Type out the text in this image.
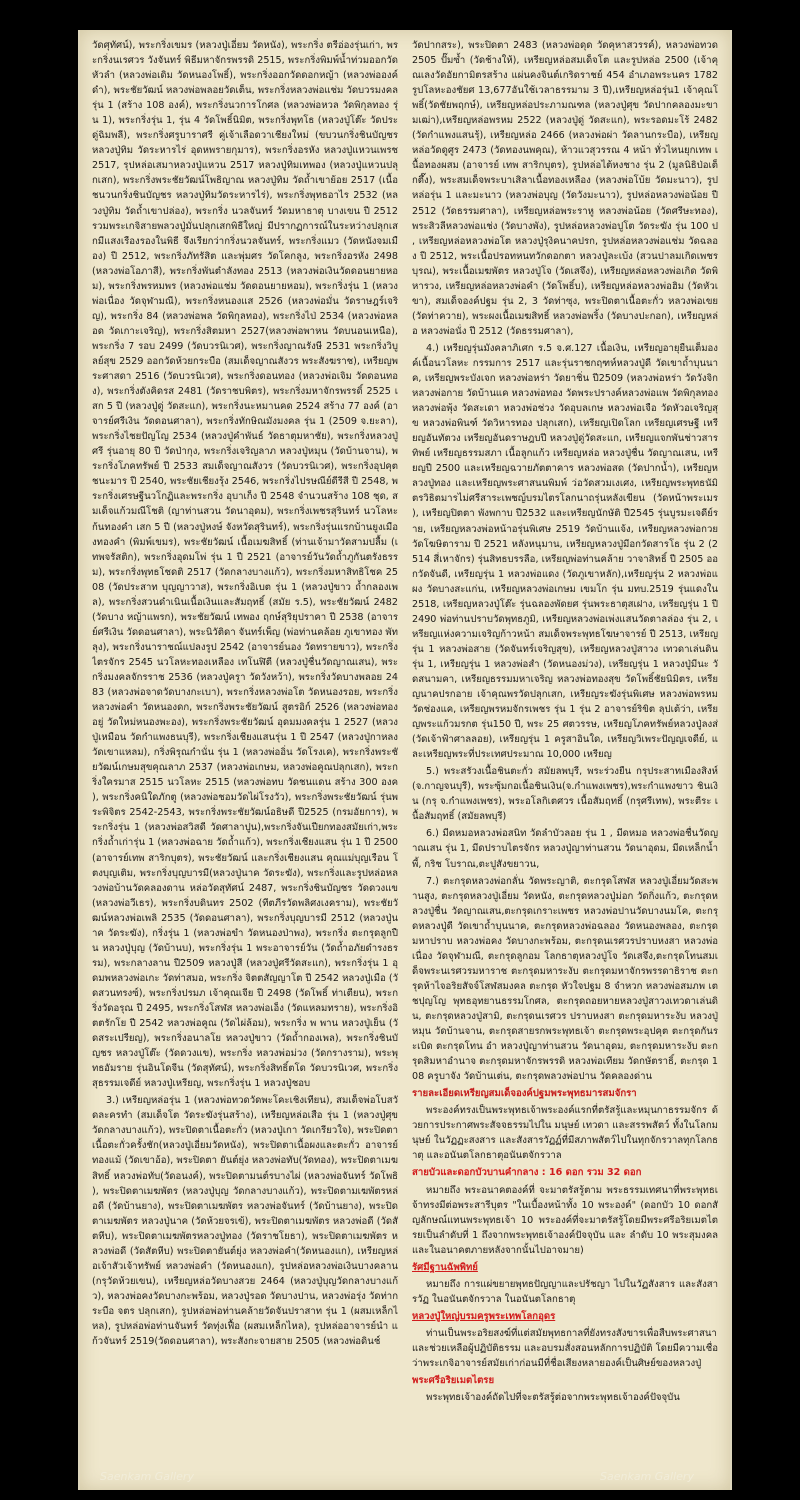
วัดศุทัศน์), พระกริ่งเขมร (หลวงปู่เอี่ยม วัดหนัง), พระกริ่ง ตรีอ่องรุ่นเก่า, พระกริ่งนเรศวร วังจันทร์ พิธีมหาจักรพรรดิ 2515, พระกริ่งพิมพ์น้ำท่วมออกวัดหัวลำ (หลวงพ่อเดิม วัดหนองโพธิ์), พระกริ่งออกวัดดอกหญ้า (หลวงพ่อองค์ดำ), พระชัยวัฒน์ หลวงพ่อพลอยวัดเต็น, พระกริ่งหลวงพ่อแช่ม วัดบวรมงคล รุ่น 1 (สร้าง 108 องค์), พระกริ่งนวการโกศล (หลวงพ่อหวล วัดพิกุลทอง รุ่น 1), พระกริ่งรุ่น 1, รุ่น 4 วัดโพธิ์นิมิต, พระกริ่งพุทโธ (หลวงปู่โต๊ะ วัดประดู่ฉิมพลี), พระกริ่งศรูบาราศรี คู่เจ้าเลือดวาเชียงใหม่ (ขบวนกริ่งชินบัญชร หลวงปู่ทิม วัดระหารไร่ อุดหพรายกุมาร), พระกริ่งอรหัง หลวงปู่แหวนเพรช 2517, รุปหล่อเสมาหลวงปู่แหวน 2517 หลวงปู่ทิมเทพอง (หลวงปู่แหวนปลุกเสก), พระกริ่งพระชัยวัฒน์โพธิญาณ หลวงปู่ทิม วัดถ้ำเขาย้อย 2517 (เนื้อชนวนกริ่งชินบัญชร หลวงปู่ทิมวัดระหารไร่), พระกริ่งพุทธอาไร 2532 (หลวงปู่ทิม วัดถ้ำเขาปล่อง), พระกริ่ง นวลจันทร์ วัดมหาธาตุ บางเขน ปี 2512 รวมพระเกจิสายพลวงปู่มั่นปลุกเสกพิธีใหญ่ มีปรากฏการณ์ในระหว่างปลุกเสกมีแสงเรืองรองในพิธี จึงเรียกว่ากริ่งนวลจันทร์, พระกริ่งแมว (วัดหนังจมเมือง) ปี 2512, พระกริ่งภัทรัสิต และพุ่มศร วัดโคกลูง, พระกริ่งอรหัง 2498 (หลวงพ่อโอภาสี), พระกริ่งพันตำลังทอง 2513 (หลวงพ่อเงินวัดดอนยายหอม), พระกริ่งพรหมพร (หลวงพ่อแช่ม วัดดอนยายหอม), พระกริ่งรุ่น 1 (หลวงพ่อเนื่อง วัดจุฬามณี), พระกริ่งหนองแส 2526 (หลวงพ่อมั่น วัดราษฎร์เจริญ), พระกริ่ง 84 (หลวงพ่อพล วัดพิกุลทอง), พระกริ่งไป่ 2534 (หลวงพ่อหลอด วัดเกาะเจริญ), พระกริ่งสิตมหา 2527(หลวงพ่อพาหน วัดบนอนเหนือ), พระกริ่ง 7 รอบ 2499 (วัดบวรนิเวศ), พระกริ่งญาณรังษี 2531 พระกริ่งวิบูลย์สุข 2529 ออกวัดห้วยกระบือ (สมเด็จญาณสังวร พระสังฆราช), เหรียญพระศาสดา 2516 (วัดบวรนิเวศ), พระกริ่งดอนทอง (หลวงพ่อเจิม วัดดอนทอง), พระกริ่งตังคิดรส 2481 (วัดราชบพิตร), พระกริ่งมหาจักรพรรดิ์ 2525 เสก 5 ปี (หลวงปู่ดู่ วัดสะแก), พระกริ่งนะหมานคด 2524 สร้าง 77 องค์ (อาจารย์ศรีเงิน วัดดอนศาลา), พระกริ่งทักษิณมังมงคล รุ่น 1 (2509 จ.ยะลา), พระกริ่งไชยปัญโญ 2534 (หลวงปู่คำพันธ์ วัดธาตุมหาชัย), พระกริ่งหลวงปู่ศรี รุ่นอายุ 80 ปี วัดป่ากุง, พระกริ่งเจริญลาภ หลวงปู่หมุน (วัดบ้านจาน), พระกริ่งโภคทรัพย์ ปี 2533 สมเด็จญาณสังวร (วัดบวรนิเวศ), พระกริ่งอุปคุตชนะมาร ปี 2540, พระชัยเชียงรุ้ง 2546, พระกริ่งไปรษณีย์ดีรีสี ปี 2548, พระกริ่งเศรษฐีนวโกฏิและพระกริ่ง อุบาเก็ง ปี 2548 จำนวนสร้าง 108 ชุด, สมเด็จแก้วมณีโชติ (ญาท่านสวน วัดนาอุดม), พระกริ่งเพชรสุรินทร์ นวโลหะก้นทองคำ เสก 5 ปี (หลวงปู่หงษ์ จังหวัดสุรินทร์), พระกริ่งรุ่นแรกบ้านยูงเมืองทองคำ (พิมพ์เขมร), พระชัยวัฒน์ เนื้อเมฆสิทธิ์ (ท่านเจ้ามาวัดสามปลื้ม (เทพจรัสติก), พระกริ่งอุดมโพ่ รุ่น 1 ปี 2521 (อาจารย์วันวัดถ้ำภูกันตรังธรรม), พระกริ่งพุทธโชดติ 2517 (วัดกลางบางแก้ว), พระกริ่งมหาสิทธิโชค 2508 (วัดประสาท บุญญาวาส), พระกริ่งอิเบต รุ่น 1 (หลวงปู่ขาว ถ้ำกลองเพล), พระกริ่งสวนดำเนินเนื้อเงินและสัมฤทธิ์ (สมัย ร.5), พระชัยวัฒน์ 2482 (วัดบาง หญ้าแพรก), พระชัยวัฒน์ เทพอง ฤกษ์สุริยุปราคา ปี 2538 (อาจารย์ศรีเงิน วัดดอนศาลา), พระนิวัติดา จันทร์เพ็ญ (พ่อท่านคล้อย ภูเขาทอง พัทลุง), พระกริ่งนาราชณ์แปลงรูป 2542 (อาจารย์นอง วัดทรายขาว), พระกริ่งไตรจักร 2545 นวโลหะทองเหลือง เทโนฬิตี (หลวงปู่ชื่นวัดญาณเสน), พระกริ่งมงคลจักรราช 2536 (หลวงปู่ครูา วัดวังหว้า), พระกริ่งวัดบางพลอย 2483 (หลวงพ่อจาดวัดบางกะเบา), พระกริ่งหลวงพ่อโต วัดหนองรอย, พระกริ่งหลวงพ่อคำ วัดหนองดก, พระกริ่งพระชัยวัฒน์ สูตรอิก์ 2526 (หลวงพ่อทองอยู่ วัดใหม่หนองพะอง), พระกริ่งพระชัยวัฒน์ อุดมมงคลรุ่น 1 2527 (หลวงปู่เหมือน วัดกำแพงธนบุรี), พระกริ่งเชียงแสนรุ่น 1 ปี 2547 (หลวงปู่กาหลง วัดเขาแหลม), กริ่งพิรุณกำนั่น รุ่น 1 (หลวงพ่ออิ่น วัดโรงเค), พระกริ่งพระชัยวัฒน์เกษมสุขคุณลาภ 2537 (หลวงพ่อเกษม, หลวงพ่อคูณปลุกเสก), พระกริ่งใครมาส 2515 นวโลหะ 2515 (หลวงพ่อทบ วัดชนแดน สร้าง 300 องค์), พระกริ่งคนิใดภักตู (หลวงพ่อชอมวัดไผ่โรงวัว), พระกริ่งพระชัยวัฒน์ รุ่นพระพิจิตร 2542-2543, พระกริ่งพระชัยวัฒน์อธิษดี ปี2525 (กรมอัยการ), พระกริ่งรุ่น 1 (หลวงพ่อสวิสดี วัดศาลาปูน),พระกริ่งจันเปียกทองสมัยเก่า,พระกริ่งถ้ำเก่ารุ่น 1 (หลวงพ่อฉาย วัดถ้ำแก้ว), พระกริ่งเชียงแสน รุ่น 1 ปี 2500 (อาจารย์เทพ สาริกบุตร), พระชัยวัฒน์ และกริ่งเชียงแสน คุณแม่บุญเรือน โตงบุญเติม, พระกริ่งบุญบารมี(หลวงปู่นาค วัดระฆัง), พระกริ่งและรูปหล่อหลวงพ่อบ้านวัดคลองดาน หล่อวัดสุทัศน์ 2487, พระกริ่งชินบัญชร วัดดวงแข (หลวงพ่อวีเธร), พระกริ่งบดินทร 2502 (ทีตภีรวัดพลิศงเงคราม), พระชัยวัฒน์หลวงพ่อเพลิ 2535 (วัดดอนศาลา), พระกริ่งบุญบารมี 2512 (หลวงปู่นาค วัดระฆัง), กริ่งรุ่น 1 (หลวงพ่อขำ วัดหนองป่าพง), พระกริ่ง ตะกรุดลูกปืน หลวงปู่บุญ (วัดบ้านบ), พระกริ่งรุ่น 1 พระอาจารย์วัน (วัดถ้ำอภัยดำรงธรรม), พระกลางลาน ปี2509 หลวงปู่สี (หลวงปู่ศรีวัดสะแก), พระกริ่งรุ่น 1 อุดมพหลวงพ่อเกะ วัดท่าสมอ, พระกริ่ง จิตตสัญญาโต ปี 2542 หลวงปู่เมือ (วัดสวนทรงซ์), พระกริ่งปรมภ เจ้าคุณเจีย ปี 2498 (วัดโพธิ์ ท่าเตียน), พระกริ่งวัดอรุณ ปี 2495, พระกริ่งโสฬส หลวงพ่อเอ็ง (วัดแหลมทราย), พระกริ่งอิตตรักโย ปี 2542 หลวงพ่อคูณ (วัดไผ่ล้อม), พระกริ่ง พ พาน หลวงปู่เย็น (วัดสระเปรียญ), พระกริ่งอนาลโย หลวงปู่ขาว (วัดถ้ำกองเพล), พระกริ่งชินบัญชร หลวงปู่โต๊ะ (วัดดวงแข), พระกริ่ง หลวงพ่อม่วง (วัดกรางราม), พระพุทธอัมราย รุ่นอินโดจีน (วัดสุทัศน์), พระกริ่งสิทธิ์ตโด วัดบวรนิเวศ, พระกริ่งสุธรรมเจดีย์ หลวงปู่เหรียญ, พระกริ่งรุ่น 1 หลวงปู่ชอบ

3.) เหรียญหล่อรุ่น 1 (หลวงพ่อทวดวัดพะโคะเชิงเทียน), สมเด็จพ่อโบสวัดละครทำ (สมเด็จโต วัดระฆังรุ่นสร้าง), เหรียญหล่อเสือ รุ่น 1 (หลวงปู่ศุข วัดกลางบางแก้ว), พระปิดตาเนื้อตะกั่ว (หลวงปู่เกา วัดเกรียวใจ), พระปิดตาเนื้อตะกั่วครั้งชัก(หลวงปู่เอี่ยมวัดหนัง), พระปิดตาเนื้อผงและตะกั่ว อาจารย์ทองแม้ (วัดเขาอ้อ), พระปิดตา ยันต์ยุ่ง หลวงพ่อทับ(วัดทอง), พระปิดตาเมฆสิทธิ์ หลวงพ่อทับ(วัดอนงค์), พระปิดตามนต์รบางไผ่ (หลวงพ่อจันทร์ วัดโพธิ์), พระปิดตาเมฆพัตร (หลวงปู่บุญ วัดกลางบางแก้ว), พระปิดตามเฆพัตรหล่อดี (วัดบ้านยาง), พระปิดตาเมฆพัตร หลวงพ่อจันทร์ (วัดบ้านยาง), พระปิดตาเมฆพัตร หลวงปู่นาค (วัดห้วยจรเข้), พระปิดตาเมฆพัตร หลวงพ่อดี (วัดสัตหีบ), พระปิดตาเมฆพัตรหลวงปู่ทอง (วัดราชโยธา), พระปิดตาเมฆพัตร หลวงพ่อดี (วัดสัตหีบ) พระปิดตายันต์ยุ่ง หลวงพ่อคำ(วัดหนองแก), เหรียญหล่อเจ้าสัวเจ้าทรัพย์ หลวงพ่อคำ (วัดหนองแก), รูปหล่อหลวงพ่อเงินบางคลาน(กรุวัดห้วยเขน), เหรียญหล่อวัดบางสวย 2464 (หลวงปู่บุญวัดกลางบางแก้ว), หลวงพ่อคงวัดบางกะพร้อม, หลวงปู่รอด วัดบางปาน, หลวงพ่อรุ่ง วัดท่ากระบือ จตร ปลุกเสก), รูปหล่อพ่อท่านคล้ายวัดจันปราสาท รุ่น 1 (ผสมเหล็กไหล), รูปหล่อพ่อท่านจันทร์ วัดทุ่งเฟื้อ (ผสมเหล็กไหล), รูปหล่ออาจารย์นำ แก้วจันทร์ 2519(วัดดอนศาลา), พระสังกะจายสาย 2505 (หลวงพ่อดินช์

วัดปากสระ), พระปิดตา 2483 (หลวงพ่อดุด วัดคุหาสวรรค์), หลวงพ่อทวด 2505 ปั๊มซ้ำ (วัดช้างให้), เหรียญหล่อสมเด็จโต และรูปหล่อ 2500 (เจ้าคุณเลงวัดอัยกามิตรสร้าง แผ่นคงจินต์เกริดราชย์ 454 อำเภอพระนคร 1782 รูปโลหะองชัยศ 13,677อันใช้เวลาธรรมาม 3 ปี),เหรียญหล่อรุ่น1 เจ้าคุณโพธิ์(วัดชัยพฤกษ์), เหรียญหล่อประภามณฑล (หลวงปู่ศุข วัดปากคลองมะขามเฒ่า),เหรียญหล่อพรหม 2522 (หลวงปู่ดู่ วัดสะแก), พระรอดมะโร้ 2482 (วัดกำแพงแสนรุ้), เหรียญหล่อ 2466 (หลวงพ่อผ่า วัดลานกระบือ), เหรียญหล่อวัดดูศูร 2473 (วัดทองนพคุณ), ห้าวแวสุวรรณ 4 หน้า ทั่วไหนยุกเทพ เนื้อทองผสม (อาจารย์ เทพ สาริกบุตร), รูปหล่อไต้หงชาง รุ่น 2 (มูลนิธิป่อเต็กตึ๊ง), พระสมเด็จพระบาเสิลาเนื้อทองเหลือง (หลวงพ่อโบ้ย วัดมะนาว), รูปหล่อรุ่น 1 และมะนาว (หลวงพ่อบุญ (วัดวังมะนาว), รูปหล่อหลวงพ่อน้อย ปี 2512 (วัดธรรมศาลา), เหรียญหล่อพระราหู หลวงพ่อน้อย (วัดศรีษะทอง), พระสิวลีหลวงพ่อแช่ง (วัดบางพัง), รูปหล่อหลวงพ่อปูโต วัดระฆัง รุ่น 100 ปี, เหรียญหล่อหลวงพ่อโต หลวงปู่รุงิคนาคปรก, รูปหล่อหลวงพ่อแช่ม วัดฉลอง ปี 2512, พระเนื้อปรอทหนทวักดอกตา หลวงปู่ละเบ้ง (สวนปาลมเกิดเพชรบุรณ), พระเนื้อเมฆพัตร หลวงปู่โจ (วัดเสจึง), เหรียญหล่อหลวงพ่อเกิด วัดพิหารวง, เหรียญหล่อหลวงพ่อคำ (วัดโพธิ์บ), เหรียญหล่อหลวงพ่อฮิม (วัดหัวเขา), สมเด็จองค์ปฐม รุ่น 2, 3 วัดท่าซุง, พระปิดตาเนื้อตะกั่ว หลวงพ่อเขย (วัดท่าควาย), พระผงเนื้อเมฆสิทธิ์ หลวงพ่อพริ้ง (วัดบางปะกอก), เหรียญหล่อ หลวงพ่อนั่ง ปี 2512 (วัดธรรมศาลา),

4.) เหรียญรุ่นมังคลาภิเศก ร.5 จ.ศ.127 เนื้อเงิน, เหรียญอายุยืนเต็มองค์เนื้อนวโลหะ กรรมการ 2517 และรุ่นราชกฤฑห์หลวงปู่ดี วัดเขาถ้ำบุนนาค, เหรียญพระบังเจก หลวงพ่อหร่า วัดยาชิ่น ปี2509 (หลวงพ่อหร่า วัดวังจิกหลวงพ่อกาย วัดบ้านแค หลวงพ่อทอง วัดพระปรางค์หลวงพ่อแพ วัดพิกุลทอง หลวงพ่อพุ้ง วัดสะเดา หลวงพ่อช่วง วัดอุบลเกษ หลวงพ่อเจือ วัดหัวอเจริญสุข หลวงพ่อพินฑ์ วัดวิหารทอง ปลุกเสก), เหรียญเปิดโลก เหรียญเศรษฐี เหรียญอันทัตวง เหรียญอันดราษฎบปี หลวงปู่ดู่วัดสะแก, เหรียญแจกพันช่าวสารทิพย์ เหรียญธรรมสภา เนื้อลูกแก้ว เหรียญหล่อ หลวงปู่ชื่น วัดญาณเสน, เหรียญปี 2500 และเหรียญฉวายภัตตาคาร หลวงพ่อสด (วัดปากน้ำ), เหรียญหลวงปู่ทอง และเหรียญพระศาสนนพิมพ์ ว่อวัดสวมเงเศง, เหรียญพระพุทธนัมิตรวิธิตมารไม่ศรีสาระเพชญ์บรมไตรโลกนาถรุ่นหลังเขียน (วัดหน้าพระเมรุ), เหรียญปิตตา พังพกาบ ปี2532 และเหรียญนักษัติ ปี2545 รุ่นบูรมะเจดีย์ราย, เหรียญหลวงพ่อหน้าอรุ่นพิเศษ 2519 วัดบ้านแจ้ง, เหรียญหลวงพ่อกวย วัดโฆษิตาราม ปี 2521 หลังหนุมาน, เหรียญหลวงปู่มีอกวัดสารโธ รุ่น 2 (2514 สี่เหาจักร) รุ่นสิทธบรรลือ, เหรียญพ่อท่านคล้าย วาจาสิทธิ์ ปี 2505 ออกวัดจันดี, เหรียญรุ่น 1 หลวงพ่อแดง (วัดภูเขาหลัก),เหรียญรุ่น 2 หลวงพ่อแผง วัดบางสะแก่น, เหรียญหลวงพ่อเกษม เขมโก รุ่น มทบ.2519 รุ่นแดงใน 2518, เหรียญหลวงปู่โต๊ะ รุ่นฉลองพัดยศ รุ่นพระธาตุสเฝาง, เหรียญรุ่น 1 ปี 2490 พ่อท่านปราบวัดพุทธภูมิ, เหรียญหลวงพ่อเพ่งแสนวัดตาลล่อง รุ่น 2, เหรียญแห่งความเจริญก้าวหน้า สมเด็จพระพุทธโฆษาจารย์ ปี 2513, เหรียญรุ่น 1 หลวงพ่อสาย (วัดจันทร์เจริญสุข), เหรียญหลวงปู่สาวง เทวดาเล่นดิน รุ่น 1, เหรียญรุ่น 1 หลวงพ่อสำ (วัดหนองม่วง), เหรียญรุ่น 1 หลวงปู่มีนะ วัดสนามคา, เหรียญธรรมมหาเจริญ หลวงพ่อทองสุข วัดโพธิ์ชัยนิมิตร, เหรียญนาคปรกอาย เจ้าคุณพรวัดปลุกเสก, เหรียญระฆังรุ่นพิเศษ หลวงพ่อพรหม วัดช่องแค, เหรียญพรหมจักรเพชร รุ่น 1 รุ่น 2 อาจารย์ริขิต ลุปเต้ว่า, เหรียญพระแก้วมรกต รุ่น150 ปี, พระ 25 ศตวรรษ, เหรียญโภคทรัพย์หลวงปู่ลงส่ (วัดเจ้าฟ้าศาลลอย), เหรียญรุ่น 1 ครูสาอินใด, เหรียญวิเพระปัญญเจดีย์, และเหรียญพระที่ประเทศประมาณ 10,000 เหรียญ

5.) พระสรัวงเนื้อชินตะกั่ว สมัยลพบุรี, พระร่วงยืน กรุประสาทเมืองสิงห์ (จ.กาญจนบุรี), พระซุ้มกอเนื้อชินเงิน(จ.กำแพงเพชร),พระกำแพงขาว ชินเงิน (กรุ จ.กำแพงเพชร), พระอโลกิเตศวร เนื้อสัมฤทธิ์ (กรุศรีเทพ), พระตีระ เนื้อสัมฤทธิ์ (สมัยลพบุรี)

6.) มีดหมอหลวงพ่อสนิท วัดลำบัวลอย รุ่น 1 , มีดหมอ หลวงพ่อชื่นวัดญาณเสน รุ่น 1, มีดปราบไตรจักร หลวงปู่ญาท่านสวน วัดนาอุดม, มีดเหล็กน้ำพี้, กริช โบราณ,ตะปูสังขยาวน,

7.) ตะกรุดหลวงพ่อกลั่น วัดพระญาติ, ตะกรุดโสฬส หลวงปู่เอี่ยมวัดสะพานสูง, ตะกรุดหลวงปู่เอี่ยม วัดหนัง, ตะกรุดหลวงปู่ม่อก วัดกิ่งแก้ว, ตะกรุดหลวงปู่ชื่น วัดญาณเสน,ตะกรุดเกราะเพชร หลวงพ่อปานวัดบางนมโค, ตะกรุดหลวงปู่ดี วัดเขาถ้ำบุนนาค, ตะกรุดหลวงพ่อฉลอง วัดหนองพลอง, ตะกรุดมหาปราบ หลวงพ่อคง วัดบางกะพร้อม, ตะกรุดนเรศวรปราบหงสา หลวงพ่อเนื่อง วัดจุฬามณี, ตะกรุดลูกอม โลกธาตุหลวงปู่โจ วัดเสจึง,ตะกรุดโทนสมเด็จพระนเรศวรมหาราช ตะกรุดมหาระงับ ตะกรุดมหาจักรพรรดาธิราช ตะกรุดห้าไจอริยสัจจ์โสฬสมงคล ตะกรุด หัวใจปฐม 8 จำหวก หลวงพ่อสมภพ เตชปุญโญ พุทธอุทยานธรรมโกศล, ตะกรุดถอยหายหลวงปู่สาวงเทวดาเล่นดิน, ตะกรุดหลวงปู่สามิ, ตะกรุดนเรศวร ปราบหงสา ตะกรุดมหาระงับ หลวงปู่หมุน วัดบ้านจาน, ตะกรุดสายรกพระพุทธเจ้า ตะกรุดพระอุปคุต ตะกรุดกันระเบิด ตะกรุดโทน อำ หลวงปู่ญาท่านสวน วัดนาอุดม, ตะกรุดมหาระงับ ตะกรุดสิมหาอำนาจ ตะกรุดมหาจักรพรรดิ หลวงพ่อเทียม วัดกษัตราธิ์, ตะกรุด 108 ครูบาจัง วัดบ้านเต่น, ตะกรุดพลวงพ่อปาน วัดคลองด่าน

รายละเอียดเหรียญสมเด็จองค์ปฐมพระพุทธมารสมจักรา

พระองค์ทรงเป็นพระพุทธเจ้าพระองค์แรกที่ตรัสรู้และหมุนกาธรรมจักร ด้วยการประกาศพระสัจจธรรมไปใน มนุษย์ เทวดา และสรรพสัตว์ ทั้งในโลกมนุษย์ ในวัฏฏะสงสาร และสังสารวัฏฏ์ที่มีสภาพสัตว์ไปในทุกจักรวาลทุกโลกธาตุ และอนันตโลกธาตุอนันตจักรวาล

สายบัวและดอกบัวบานคำกลาง : 16 ดอก รวม 32 ดอก

หมายถึง พระอนาคตองค์ที่ จะมาตรัสรู้ตาม พระธรรมเทศนาที่พระพุทธเจ้าทรงมีต่อพระสารีบุตร "ในเบื้องหน้าทั้ง 10 พระองค์" (ดอกบัว 10 ดอกสัญลักษณ์แทนพระพุทธเจ้า 10 พระองค์ที่จะมาตรัสรู้โดยมีพระศรีอริยเมตไตรยเป็นลำดับที่ 1 ถึงจากพระพุทธเจ้าองค์ปัจจุบัน และ ลำดับ 10 พระสุมงคล และในอนาคตภายหลังจากนั้นไปอาจมาย)

รัศมีฐานฉัพพิทย์

หมายถึง การแผ่ขยายพุทธปัญญาและปรัชญา ไปในวัฏสังสาร และสังสารวัฏ ในอนันตจักรวาล ในอนันตโลกธาตุ

หลวงปู่ใหญ่บรมครูพระเทพโลกอุดร

ท่านเป็นพระอริยสงฆ์ที่แต่สมัยพุทธกาลที่ยังทรงสังขารเพื่อสืบพระศาสนา และช่วยเหลือผู้ปฏิบัติธรรม และอบรมสั่งสอนหลักการปฏิบัติ โดยมีความเชื่อว่าพระเกจิอาจารย์สมัยเก่าก่อนมีที่ชื่อเสียงหลายองค์เป็นศิษย์ของหลวงปู่

พระศรีอริยเมตไตรย

พระพุทธเจ้าองค์ถัดไปที่จะตรัสรู้ต่อจากพระพุทธเจ้าองค์ปัจจุบัน

Saenkam Gallery	Saenkam Gallery
